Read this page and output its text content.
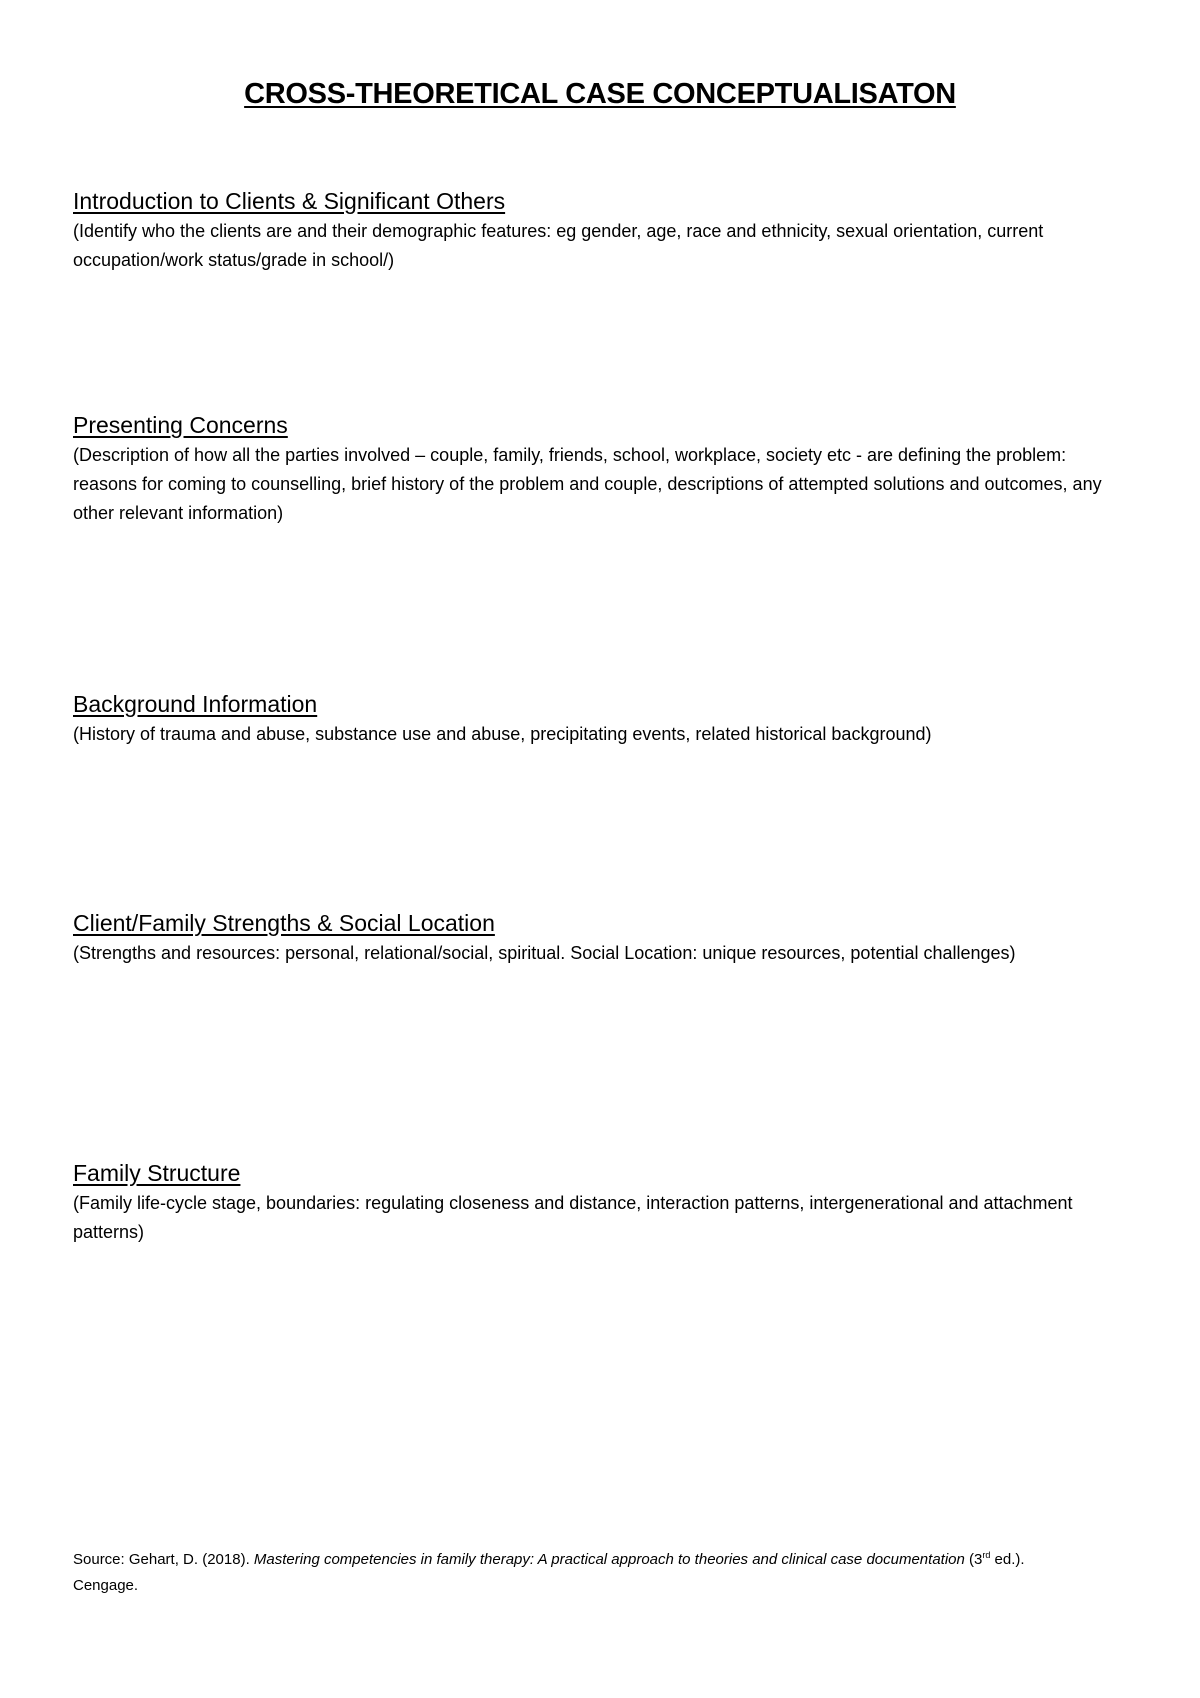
CROSS-THEORETICAL CASE CONCEPTUALISATON
Introduction to Clients & Significant Others

(Identify who the clients are and their demographic features: eg gender, age, race and ethnicity, sexual orientation, current occupation/work status/grade in school/)

Presenting Concerns

(Description of how all the parties involved – couple, family, friends, school, workplace, society etc - are defining the problem: reasons for coming to counselling, brief history of the problem and couple, descriptions of attempted solutions and outcomes, any other relevant information)

Background Information

(History of trauma and abuse, substance use and abuse, precipitating events, related historical background)

Client/Family Strengths & Social Location

(Strengths and resources: personal, relational/social, spiritual. Social Location: unique resources, potential challenges)

Family Structure

(Family life-cycle stage, boundaries: regulating closeness and distance, interaction patterns, intergenerational and attachment patterns)

Source: Gehart, D. (2018). Mastering competencies in family therapy: A practical approach to theories and clinical case documentation (3rd ed.).
Cengage.
